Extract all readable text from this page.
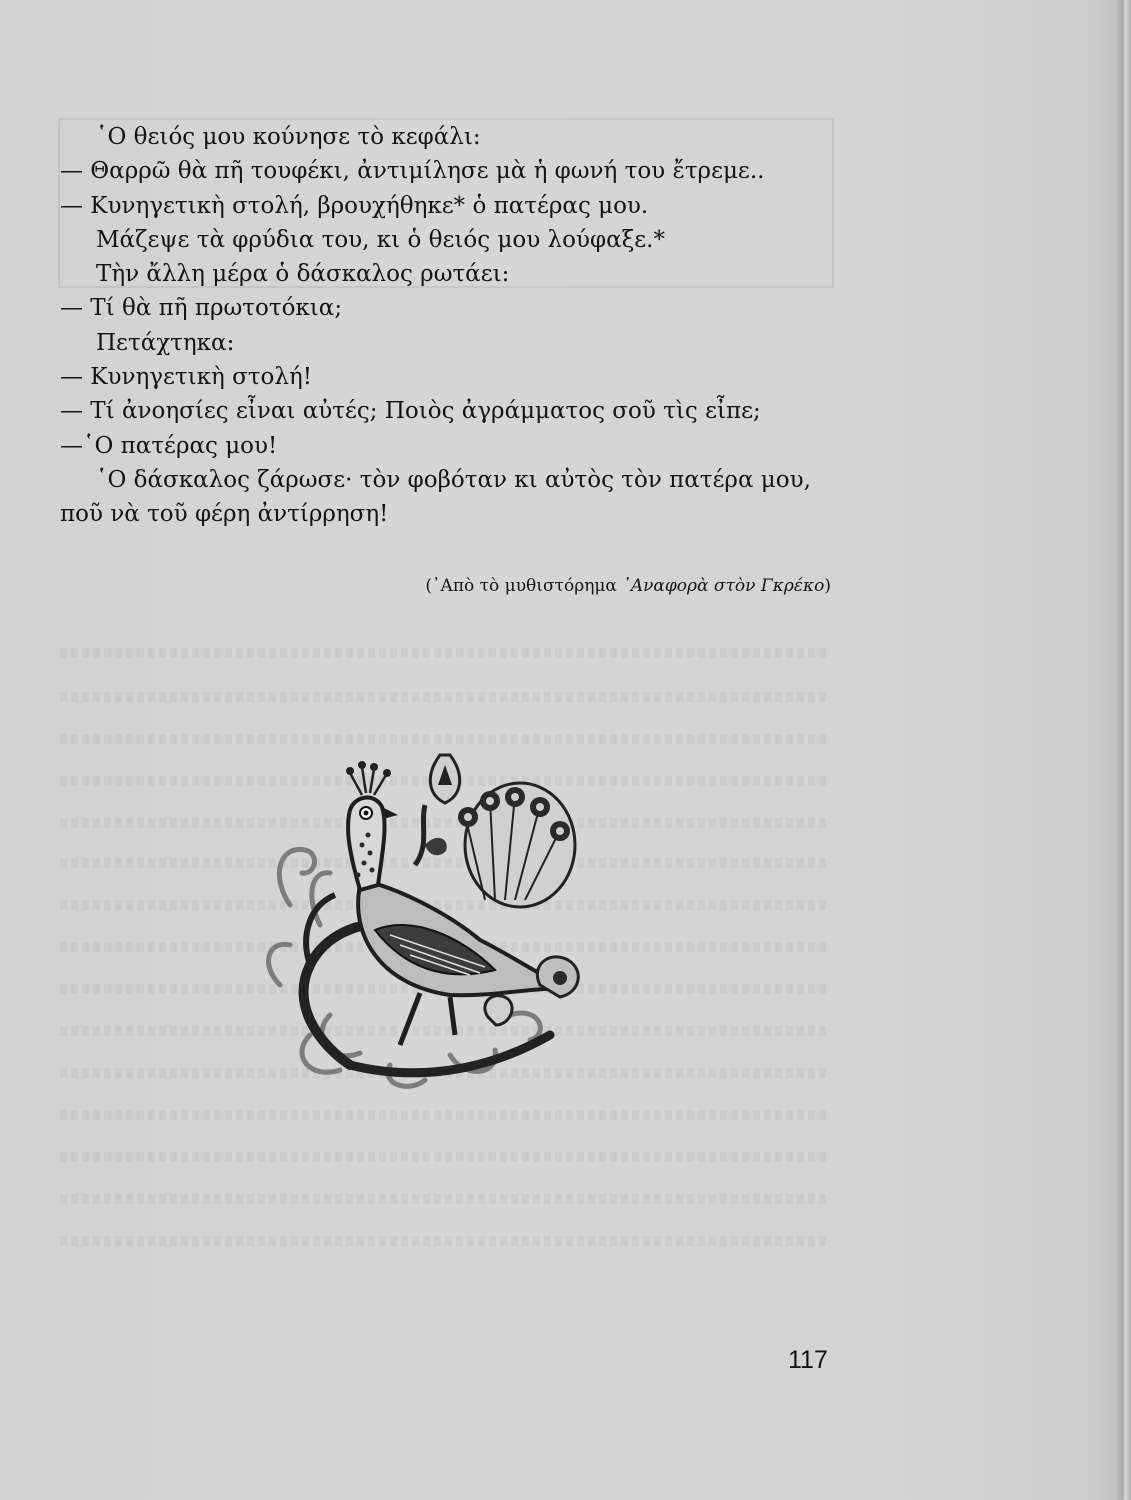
῾Ο θειός μου κούνησε τὸ κεφάλι:
— Θαρρῶ θὰ πῆ τουφέκι, ἀντιμίλησε μὰ ἡ φωνή του ἔτρεμε..
— Κυνηγετικὴ στολή, βρουχήθηκε* ὁ πατέρας μου.
Μάζεψε τὰ φρύδια του, κι ὁ θειός μου λούφαξε.*
Τὴν ἄλλη μέρα ὁ δάσκαλος ρωτάει:
— Τί θὰ πῆ πρωτοτόκια;
Πετάχτηκα:
— Κυνηγετικὴ στολή!
— Τί ἀνοησίες εἶναι αὐτές; Ποιὸς ἀγράμματος σοῦ τὶς εἶπε;
—῾Ο πατέρας μου!
῾Ο δάσκαλος ζάρωσε· τὸν φοβόταν κι αὐτὸς τὸν πατέρα μου,
ποῦ νὰ τοῦ φέρη ἀντίρρηση!
(᾿Απὸ τὸ μυθιστόρημα ᾿Αναφορὰ στὸν Γκρέκο)
117
